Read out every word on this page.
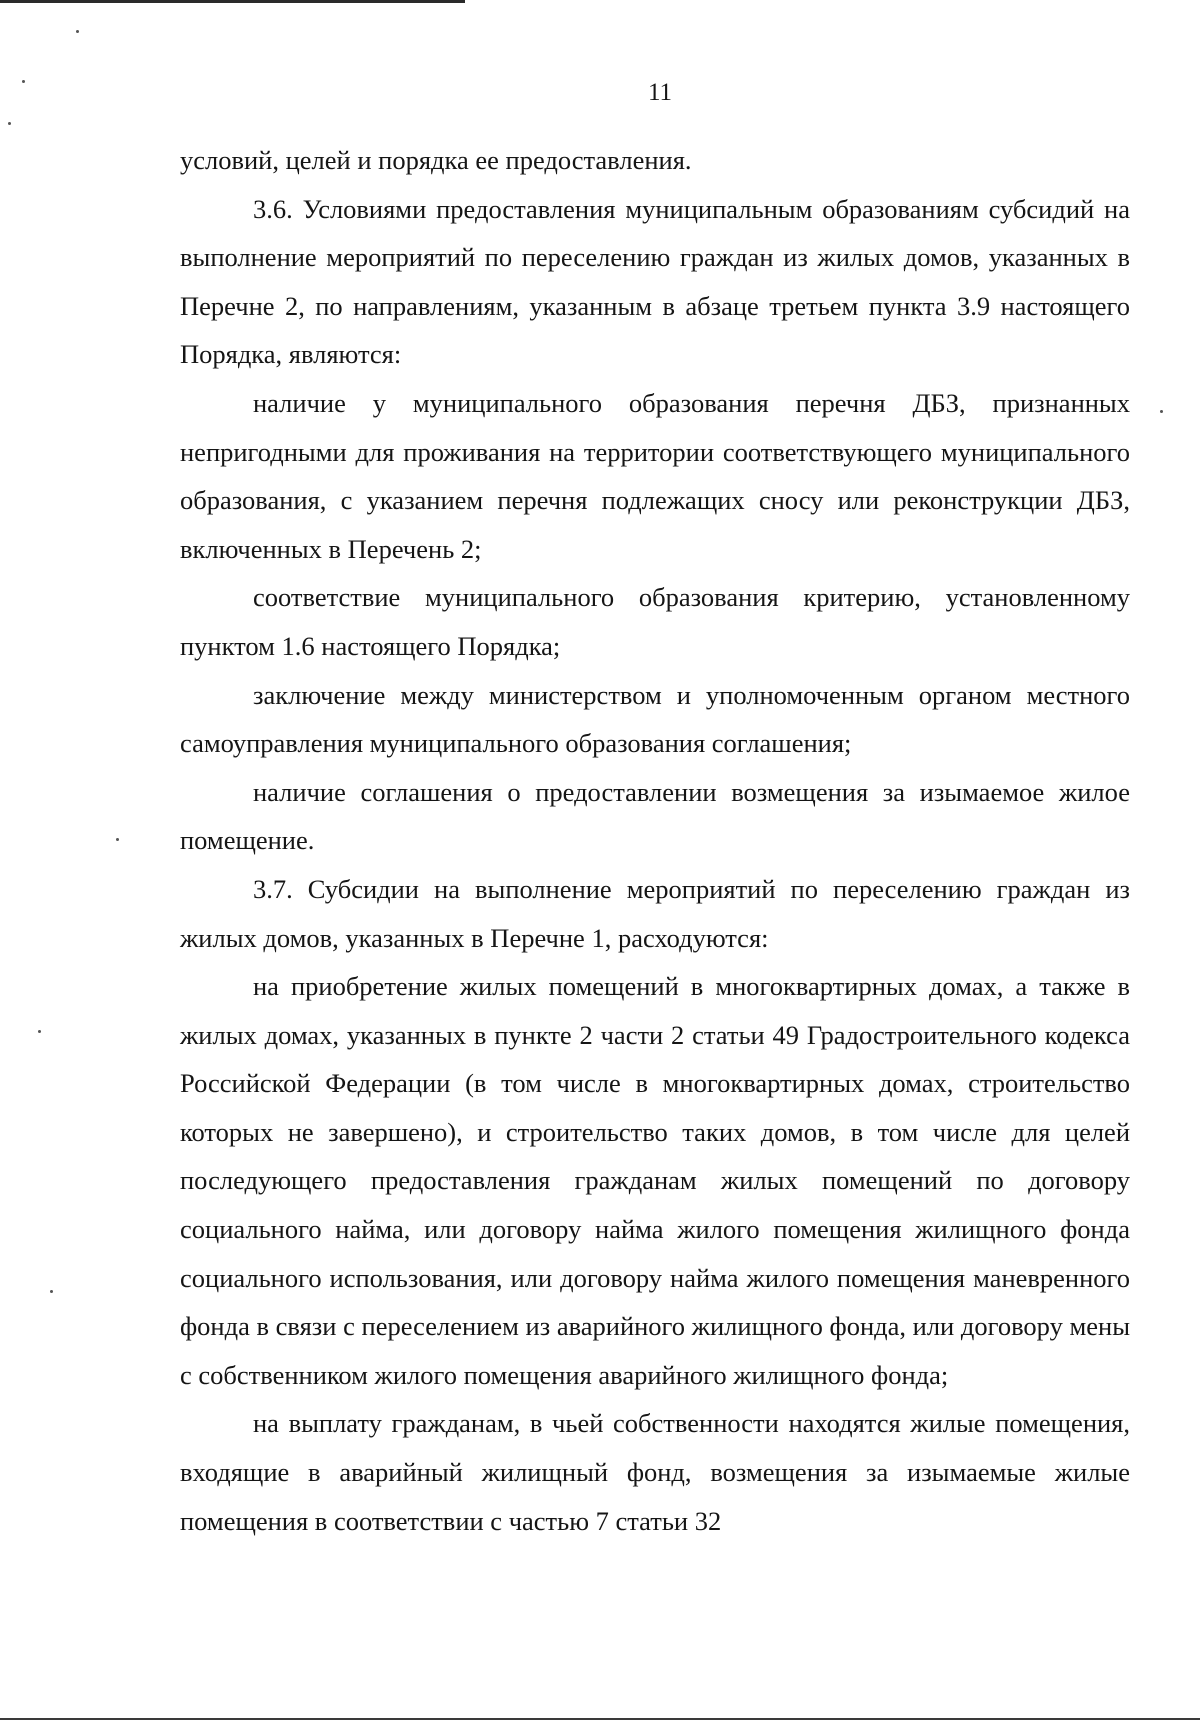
11

условий, целей и порядка ее предоставления.

3.6. Условиями предоставления муниципальным образованиям субсидий на выполнение мероприятий по переселению граждан из жилых домов, указанных в Перечне 2, по направлениям, указанным в абзаце третьем пункта 3.9 настоящего Порядка, являются:

наличие у муниципального образования перечня ДБЗ, признанных непригодными для проживания на территории соответствующего муниципального образования, с указанием перечня подлежащих сносу или реконструкции ДБЗ, включенных в Перечень 2;

соответствие муниципального образования критерию, установленному пунктом 1.6 настоящего Порядка;

заключение между министерством и уполномоченным органом местного самоуправления муниципального образования соглашения;

наличие соглашения о предоставлении возмещения за изымаемое жилое помещение.

3.7. Субсидии на выполнение мероприятий по переселению граждан из жилых домов, указанных в Перечне 1, расходуются:

на приобретение жилых помещений в многоквартирных домах, а также в жилых домах, указанных в пункте 2 части 2 статьи 49 Градостроительного кодекса Российской Федерации (в том числе в многоквартирных домах, строительство которых не завершено), и строительство таких домов, в том числе для целей последующего предоставления гражданам жилых помещений по договору социального найма, или договору найма жилого помещения жилищного фонда социального использования, или договору найма жилого помещения маневренного фонда в связи с переселением из аварийного жилищного фонда, или договору мены с собственником жилого помещения аварийного жилищного фонда;

на выплату гражданам, в чьей собственности находятся жилые помещения, входящие в аварийный жилищный фонд, возмещения за изымаемые жилые помещения в соответствии с частью 7 статьи 32
